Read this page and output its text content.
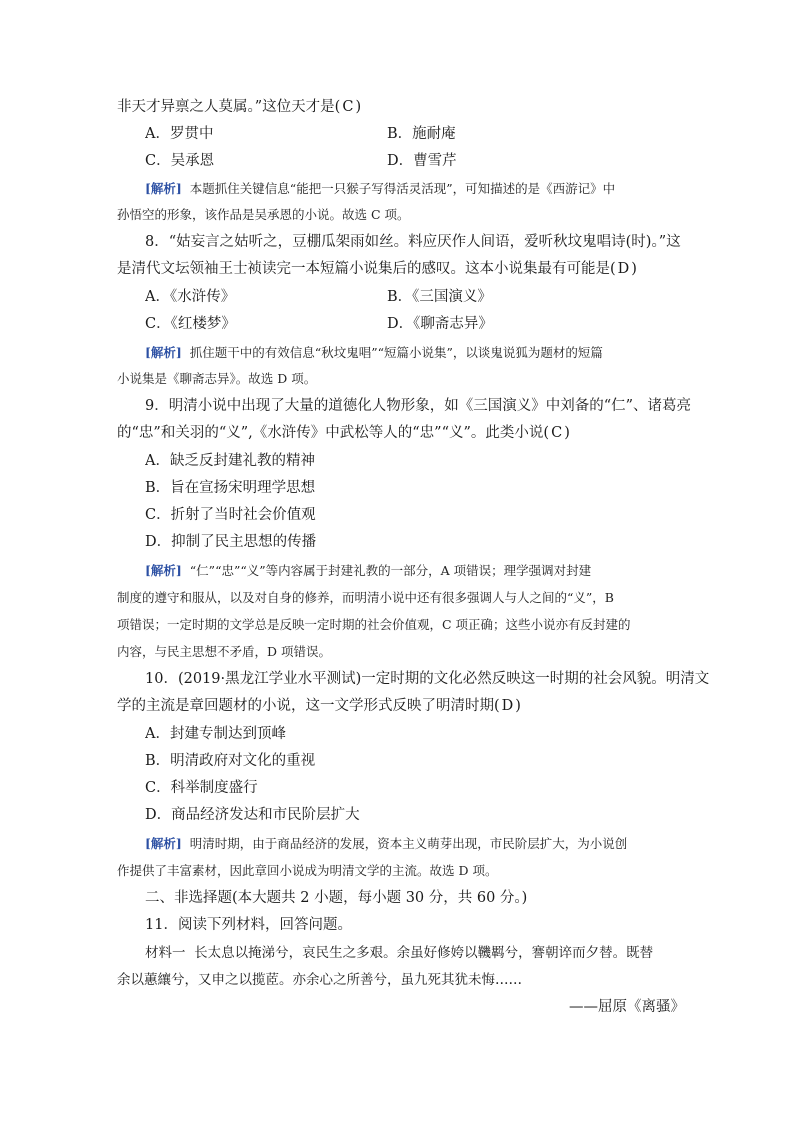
非天才异禀之人莫属。”这位天才是( C )
A．罗贯中	B．施耐庵
C．吴承恩	D．曹雪芹
[解析] 本题抓住关键信息“能把一只猴子写得活灵活现”，可知描述的是《西游记》中
孙悟空的形象，该作品是吴承恩的小说。故选 C 项。
8．“姑妄言之姑听之，豆棚瓜架雨如丝。料应厌作人间语，爱听秋坟鬼唱诗(时)。”这
是清代文坛领袖王士祯读完一本短篇小说集后的感叹。这本小说集最有可能是( D )
A．《水浒传》	B．《三国演义》
C．《红楼梦》	D．《聊斋志异》
[解析] 抓住题干中的有效信息“秋坟鬼唱”“短篇小说集”，以谈鬼说狐为题材的短篇
小说集是《聊斋志异》。故选 D 项。
9．明清小说中出现了大量的道德化人物形象，如《三国演义》中刘备的“仁”、诸葛亮
的“忠”和关羽的“义”,《水浒传》中武松等人的“忠”“义”。此类小说( C )
A．缺乏反封建礼教的精神
B．旨在宣扬宋明理学思想
C．折射了当时社会价值观
D．抑制了民主思想的传播
[解析] “仁”“忠”“义”等内容属于封建礼教的一部分，A 项错误；理学强调对封建
制度的遵守和服从，以及对自身的修养，而明清小说中还有很多强调人与人之间的“义”，B
项错误；一定时期的文学总是反映一定时期的社会价值观，C 项正确；这些小说亦有反封建的
内容，与民主思想不矛盾，D 项错误。
10．(2019·黑龙江学业水平测试)一定时期的文化必然反映这一时期的社会风貌。明清文
学的主流是章回题材的小说，这一文学形式反映了明清时期( D )
A．封建专制达到顶峰
B．明清政府对文化的重视
C．科举制度盛行
D．商品经济发达和市民阶层扩大
[解析] 明清时期，由于商品经济的发展，资本主义萌芽出现，市民阶层扩大，为小说创
作提供了丰富素材，因此章回小说成为明清文学的主流。故选 D 项。
二、非选择题(本大题共 2 小题，每小题 30 分，共 60 分。)
11．阅读下列材料，回答问题。
材料一 长太息以掩涕兮，哀民生之多艰。余虽好修姱以鞿羁兮，謇朝谇而夕替。既替
余以蕙纕兮，又申之以揽茝。亦余心之所善兮，虽九死其犹未悔……
——屈原《离骚》
